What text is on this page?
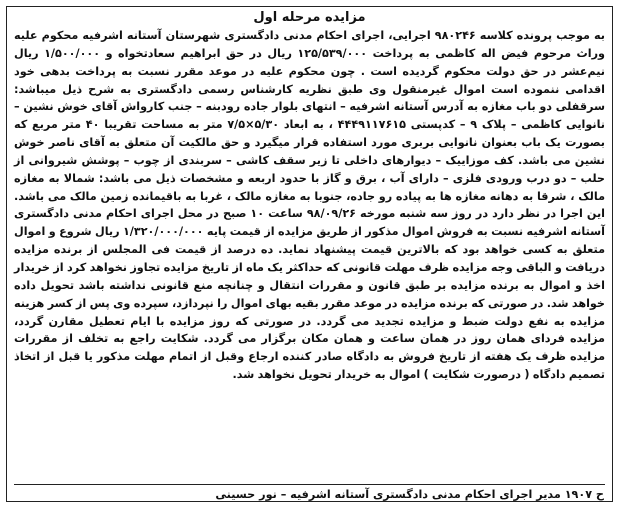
مزایده مرحله اول
به موجب پرونده کلاسه ۹۸۰۲۴۶ اجرایی، اجرای احکام مدنی دادگستری شهرستان آستانه اشرفیه محکوم علیه وراث مرحوم فیض اله کاظمی به پرداخت ۱۲۵/۵۳۹/۰۰۰ ریال در حق ابراهیم سعادتخواه و ۱/۵۰۰/۰۰۰ ریال نیم‌عشر در حق دولت محکوم گردیده است . چون محکوم علیه در موعد مقرر نسبت به پرداخت بدهی خود اقدامی ننموده است اموال غیرمنقول وی طبق نظریه کارشناس رسمی دادگستری به شرح ذیل میباشد: سرقفلی دو باب مغازه به آدرس آستانه اشرفیه – انتهای بلوار جاده رودبنه – جنب کارواش آقای خوش نشین – نانوایی کاظمی – پلاک ۹ – کدپستی ۴۴۴۹۱۱۷۶۱۵ ، به ابعاد ۵/۳۰×۷/۵ متر به مساحت تقریبا ۴۰ متر مربع که بصورت یک باب بعنوان نانوایی بربری مورد استفاده قرار میگیرد و حق مالکیت آن متعلق به آقای ناصر خوش نشین می باشد. کف موزاییک – دیوارهای داخلی تا زیر سقف کاشی – سربندی از چوب – پوشش شیروانی از حلب – دو درب ورودی فلزی – دارای آب ، برق و گاز با حدود اربعه و مشخصات ذیل می باشد: شمالا به مغازه مالک ، شرقا به دهانه مغازه ها به پیاده رو جاده، جنوبا به مغازه مالک ، غربا به باقیمانده زمین مالک می باشد. این اجرا در نظر دارد در روز سه شنبه مورخه ۹۸/۰۹/۲۶ ساعت ۱۰ صبح در محل اجرای احکام مدنی دادگستری آستانه اشرفیه نسبت به فروش اموال مذکور از طریق مزایده از قیمت پایه ۱/۳۲۰/۰۰۰/۰۰۰ ریال شروع و اموال متعلق به کسی خواهد بود که بالاترین قیمت پیشنهاد نماید. ده درصد از قیمت فی المجلس از برنده مزایده دریافت و الباقی وجه مزایده ظرف مهلت قانونی که حداکثر یک ماه از تاریخ مزایده تجاوز نخواهد کرد از خریدار اخذ و اموال به برنده مزایده بر طبق قانون و مقررات انتقال و چنانچه منع قانونی نداشته باشد تحویل داده خواهد شد. در صورتی که برنده مزایده در موعد مقرر بقیه بهای اموال را نپردازد، سپرده وی پس از کسر هزینه مزایده به نفع دولت ضبط و مزایده تجدید می گردد. در صورتی که روز مزایده با ایام تعطیل مقارن گردد، مزایده فردای همان روز در همان ساعت و همان مکان برگزار می گردد. شکایت راجع به تخلف از مقررات مزایده ظرف یک هفته از تاریخ فروش به دادگاه صادر کننده ارجاع وقبل از اتمام مهلت مذکور یا قبل از اتخاذ تصمیم دادگاه ( درصورت شکایت ) اموال به خریدار تحویل نخواهد شد.
ح ۱۹۰۷ مدیر اجرای احکام مدنی دادگستری آستانه اشرفیه – نور حسینی
